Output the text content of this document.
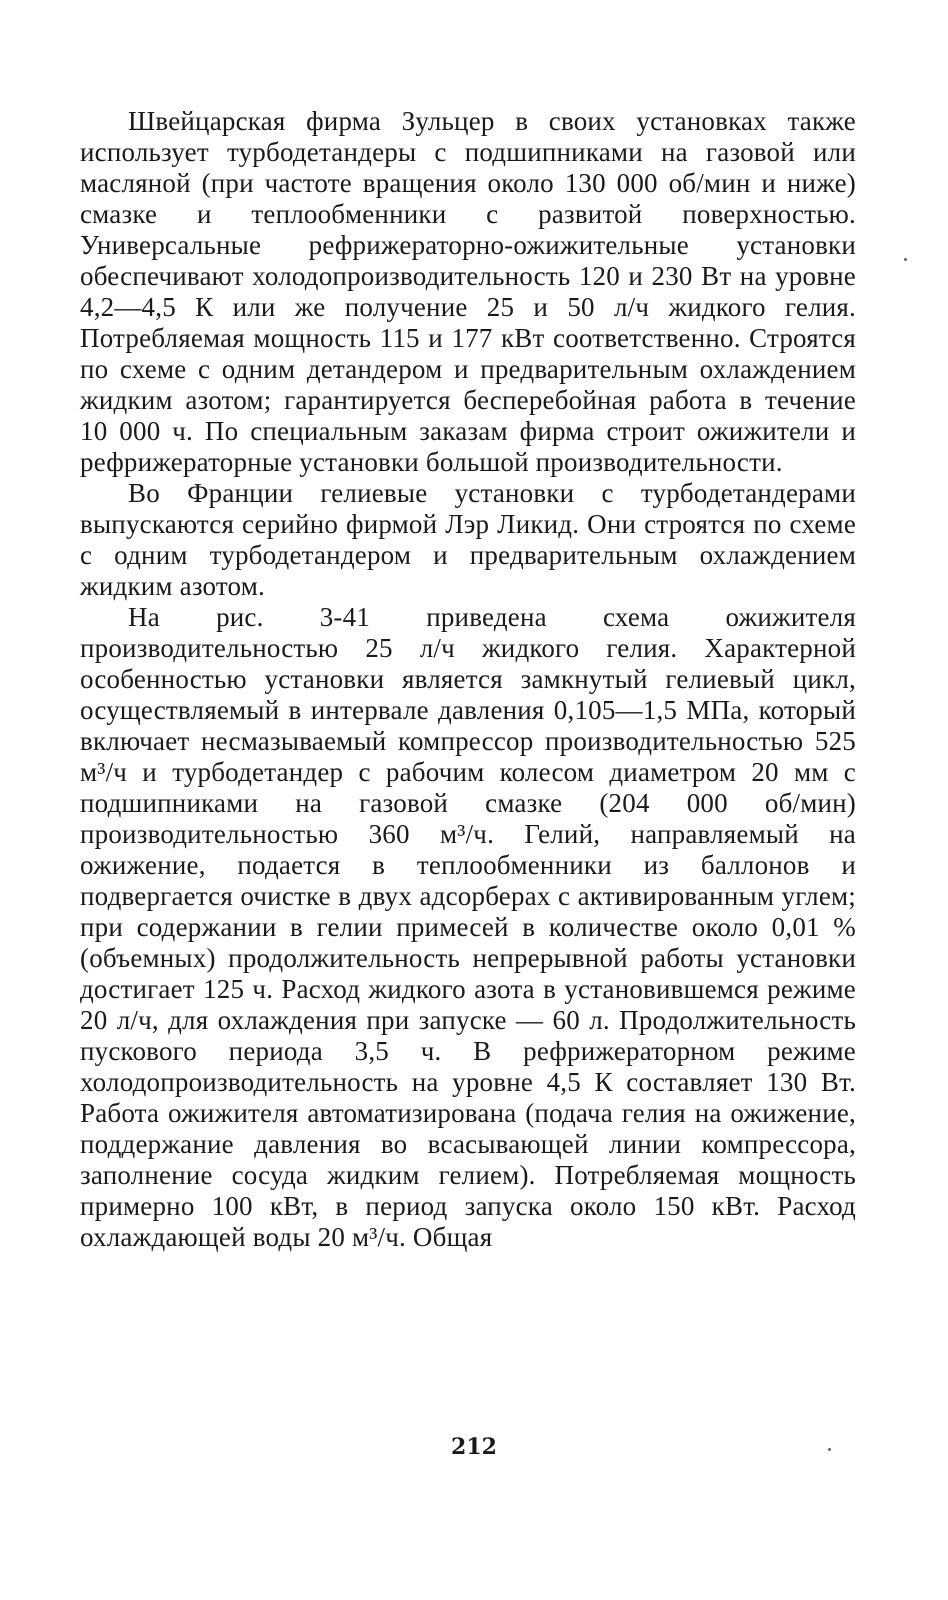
Швейцарская фирма Зульцер в своих установках также использует турбодетандеры с подшипниками на газовой или масляной (при частоте вращения около 130 000 об/мин и ниже) смазке и теплообменники с развитой поверхностью. Универсальные рефрижераторно-ожижительные установки обеспечивают холодопроизводительность 120 и 230 Вт на уровне 4,2—4,5 К или же получение 25 и 50 л/ч жидкого гелия. Потребляемая мощность 115 и 177 кВт соответственно. Строятся по схеме с одним детандером и предварительным охлаждением жидким азотом; гарантируется бесперебойная работа в течение 10 000 ч. По специальным заказам фирма строит ожижители и рефрижераторные установки большой производительности.

Во Франции гелиевые установки с турбодетандерами выпускаются серийно фирмой Лэр Ликид. Они строятся по схеме с одним турбодетандером и предварительным охлаждением жидким азотом.

На рис. 3-41 приведена схема ожижителя производительностью 25 л/ч жидкого гелия. Характерной особенностью установки является замкнутый гелиевый цикл, осуществляемый в интервале давления 0,105—1,5 МПа, который включает несмазываемый компрессор производительностью 525 м³/ч и турбодетандер с рабочим колесом диаметром 20 мм с подшипниками на газовой смазке (204 000 об/мин) производительностью 360 м³/ч. Гелий, направляемый на ожижение, подается в теплообменники из баллонов и подвергается очистке в двух адсорберах с активированным углем; при содержании в гелии примесей в количестве около 0,01 % (объемных) продолжительность непрерывной работы установки достигает 125 ч. Расход жидкого азота в установившемся режиме 20 л/ч, для охлаждения при запуске — 60 л. Продолжительность пускового периода 3,5 ч. В рефрижераторном режиме холодопроизводительность на уровне 4,5 К составляет 130 Вт. Работа ожижителя автоматизирована (подача гелия на ожижение, поддержание давления во всасывающей линии компрессора, заполнение сосуда жидким гелием). Потребляемая мощность примерно 100 кВт, в период запуска около 150 кВт. Расход охлаждающей воды 20 м³/ч. Общая

212
